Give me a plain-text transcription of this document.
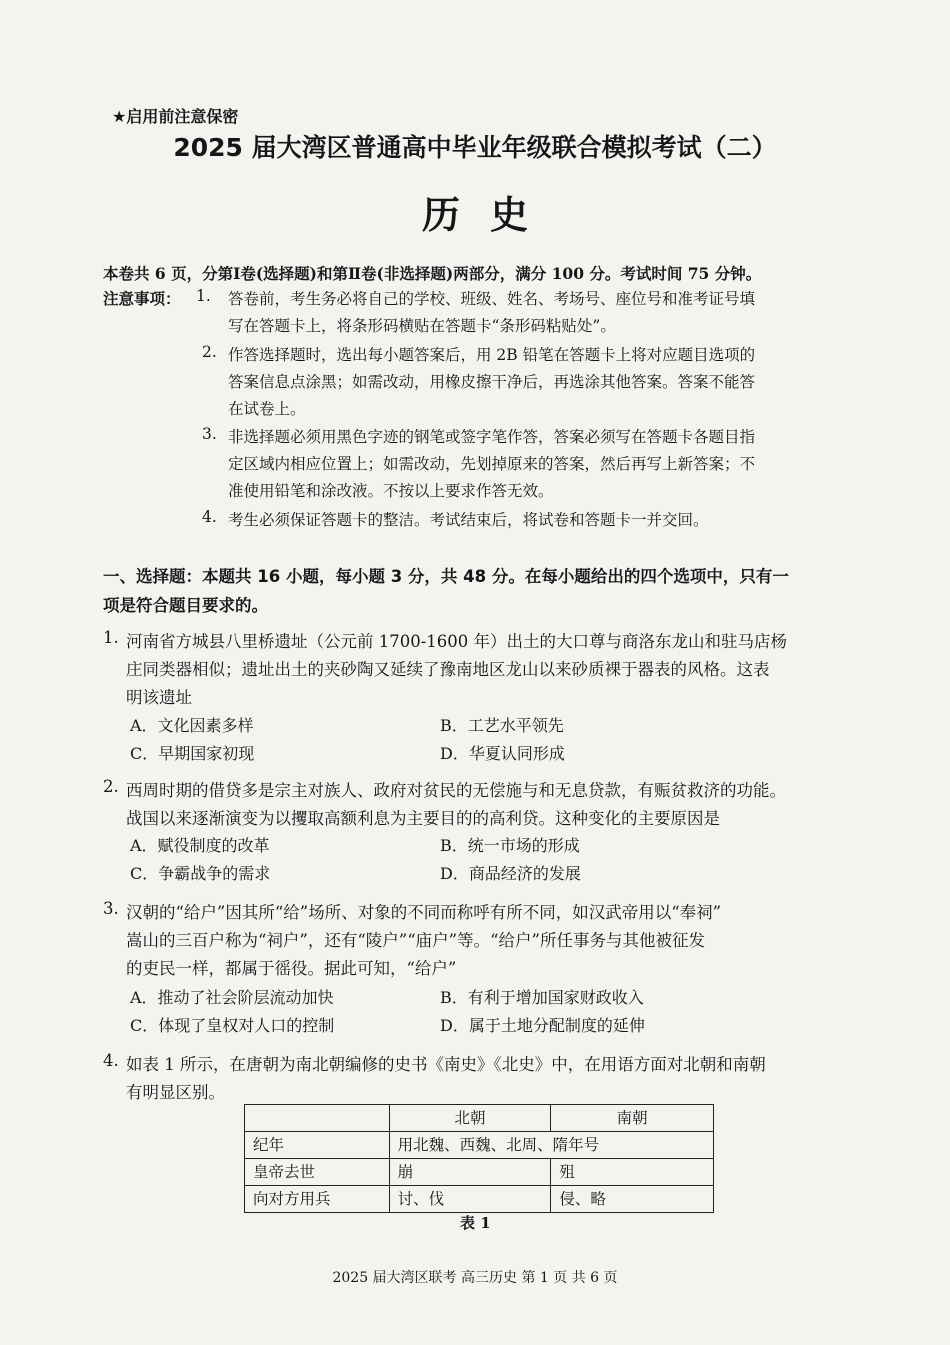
★启用前注意保密
2025 届大湾区普通高中毕业年级联合模拟考试（二）
历史
本卷共 6 页，分第Ⅰ卷(选择题)和第Ⅱ卷(非选择题)两部分，满分 100 分。考试时间 75 分钟。
注意事项： 1. 答卷前，考生务必将自己的学校、班级、姓名、考场号、座位号和准考证号填
写在答题卡上，将条形码横贴在答题卡“条形码粘贴处”。
2. 作答选择题时，选出每小题答案后，用 2B 铅笔在答题卡上将对应题目选项的
答案信息点涂黑；如需改动，用橡皮擦干净后，再选涂其他答案。答案不能答
在试卷上。
3. 非选择题必须用黑色字迹的钢笔或签字笔作答，答案必须写在答题卡各题目指
定区域内相应位置上；如需改动，先划掉原来的答案，然后再写上新答案；不
准使用铅笔和涂改液。不按以上要求作答无效。
4. 考生必须保证答题卡的整洁。考试结束后，将试卷和答题卡一并交回。
一、选择题：本题共 16 小题，每小题 3 分，共 48 分。在每小题给出的四个选项中，只有一
项是符合题目要求的。
1. 河南省方城县八里桥遗址（公元前 1700-1600 年）出土的大口尊与商洛东龙山和驻马店杨
庄同类器相似；遗址出土的夹砂陶又延续了豫南地区龙山以来砂质裸于器表的风格。这表
明该遗址
A．文化因素多样	B．工艺水平领先
C．早期国家初现	D．华夏认同形成
2. 西周时期的借贷多是宗主对族人、政府对贫民的无偿施与和无息贷款，有赈贫救济的功能。
战国以来逐渐演变为以攫取高额利息为主要目的的高利贷。这种变化的主要原因是
A．赋役制度的改革	B．统一市场的形成
C．争霸战争的需求	D．商品经济的发展
3. 汉朝的“给户”因其所“给”场所、对象的不同而称呼有所不同，如汉武帝用以“奉祠”
嵩山的三百户称为“祠户”，还有“陵户”“庙户”等。“给户”所任事务与其他被征发
的吏民一样，都属于徭役。据此可知，“给户”
A．推动了社会阶层流动加快	B．有利于增加国家财政收入
C．体现了皇权对人口的控制	D．属于土地分配制度的延伸
4. 如表 1 所示，在唐朝为南北朝编修的史书《南史》《北史》中，在用语方面对北朝和南朝
有明显区别。
	北朝	南朝
纪年	用北魏、西魏、北周、隋年号	
皇帝去世	崩	殂
向对方用兵	讨、伐	侵、略
表 1
2025 届大湾区联考 高三历史 第 1 页 共 6 页
